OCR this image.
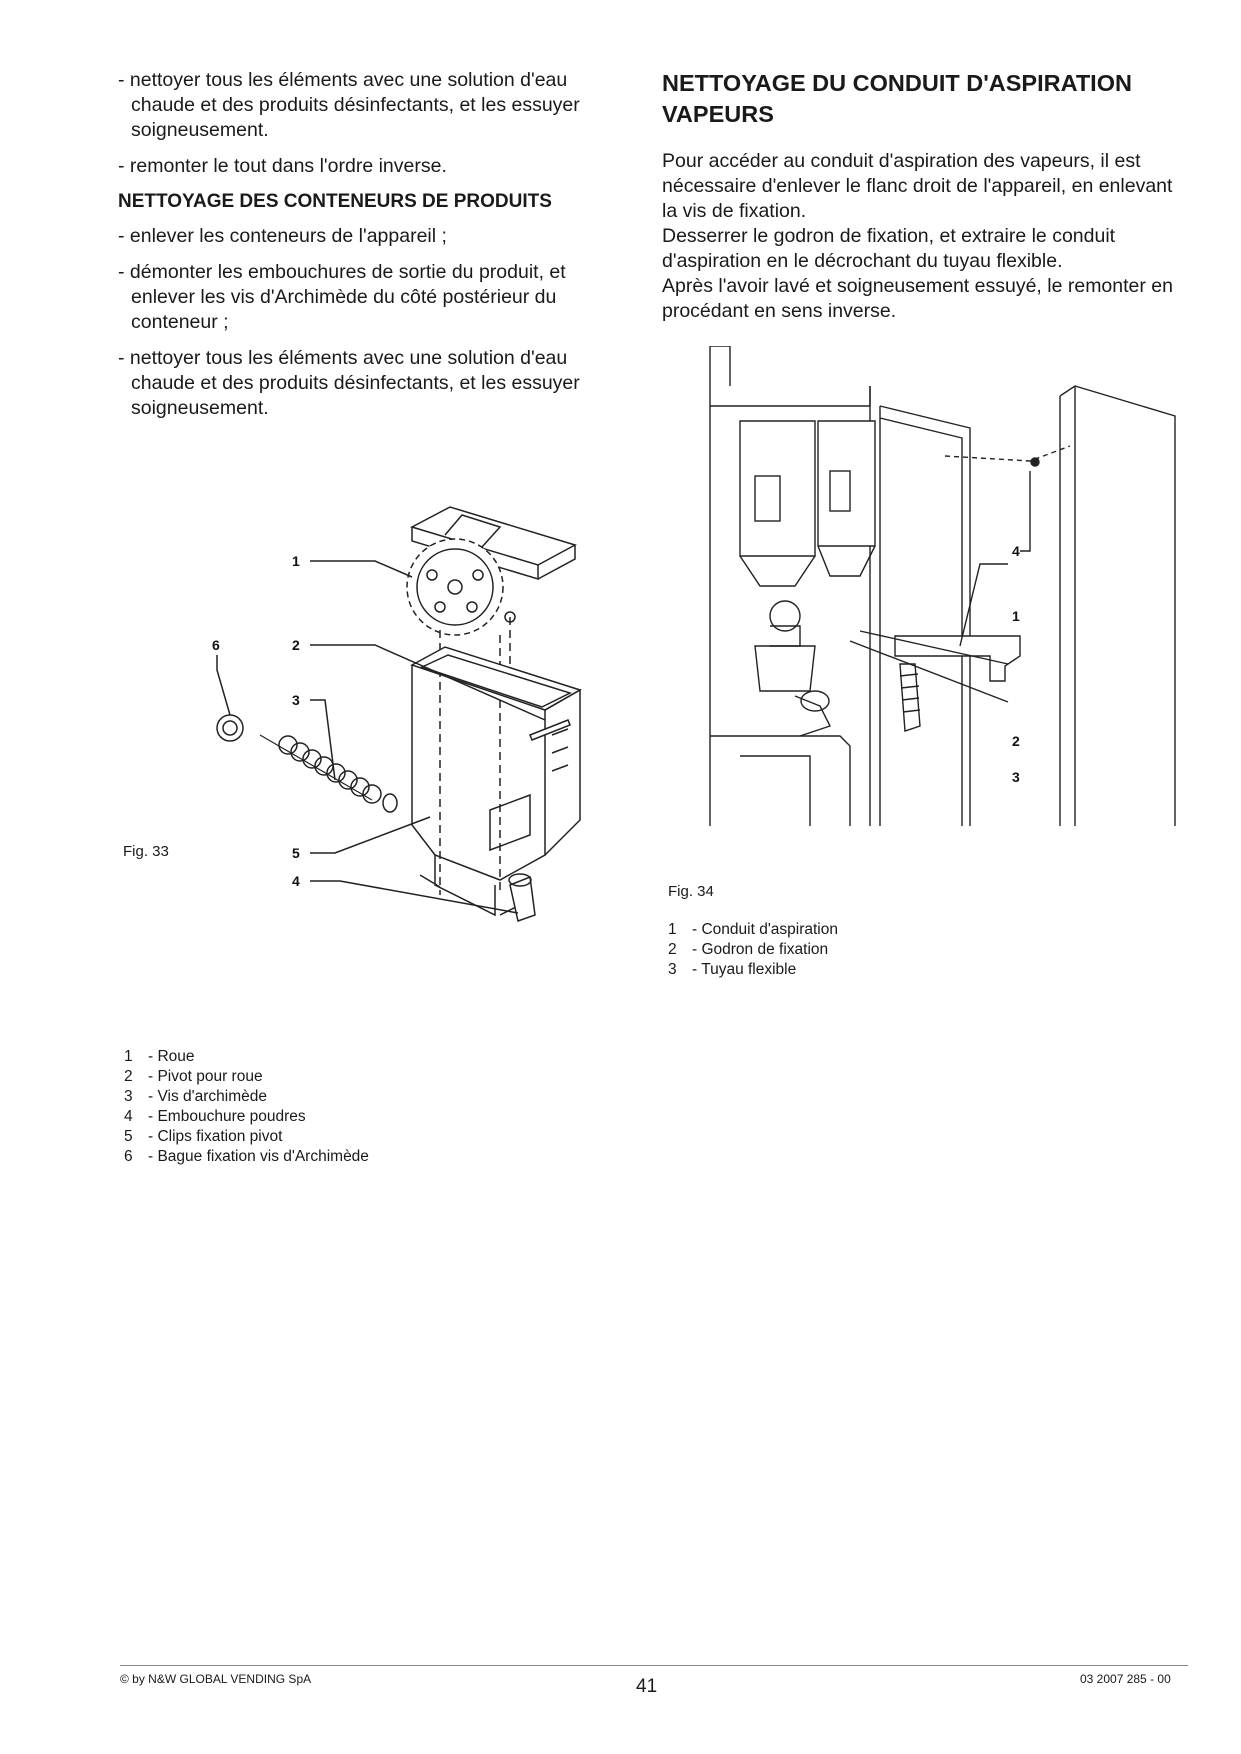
- nettoyer tous les éléments avec une solution d'eau chaude et des produits désinfectants, et les essuyer soigneusement.

- remonter le tout dans l'ordre inverse.

NETTOYAGE DES CONTENEURS DE PRODUITS

- enlever les conteneurs de l'appareil ;

- démonter les embouchures de sortie du produit, et enlever les vis d'Archimède du côté postérieur du conteneur ;

- nettoyer tous les éléments avec une solution d'eau chaude et des produits désinfectants, et les essuyer soigneusement.

NETTOYAGE DU CONDUIT D'ASPIRATION VAPEURS

Pour accéder au conduit d'aspiration des vapeurs, il est nécessaire d'enlever le flanc droit de l'appareil, en enlevant la vis de fixation.

Desserrer le godron de fixation, et extraire le conduit d'aspiration en le décrochant du tuyau flexible.

Après l'avoir lavé et soigneusement essuyé, le remonter en procédant en sens inverse.

1
2
3
4
5
6
Fig. 33
1 - Roue
2 - Pivot pour roue
3 - Vis d'archimède
4 - Embouchure poudres
5 - Clips fixation pivot
6 - Bague fixation vis d'Archimède
4
1
2
3
Fig. 34
1 - Conduit d'aspiration
2 - Godron de fixation
3 - Tuyau flexible
© by N&W GLOBAL VENDING SpA	41	03 2007 285 - 00
